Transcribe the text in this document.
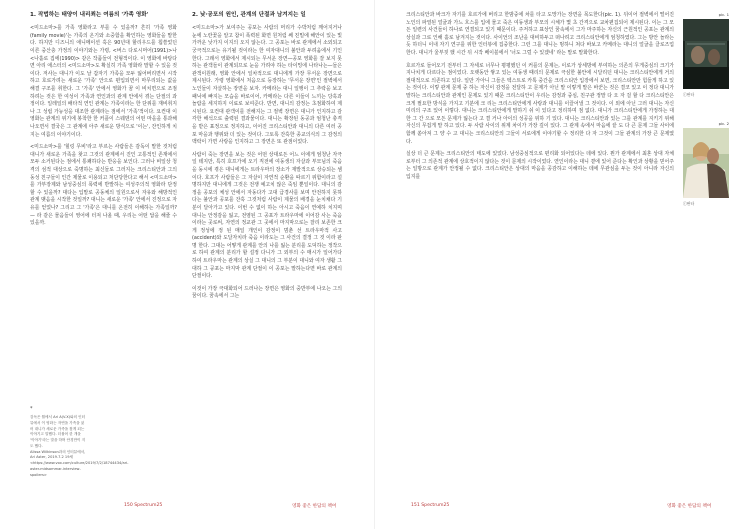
1. 작법하는 태양이 내리쬐는 여름의 '가족 영화'

<미드소마>를 가족 영화라고 부를 수 있을까? 흔히 '가족 영화(family movie)'는 가족의 온기와 소중함을 확인하는 영화들을 말한다. 하지만 디즈니의 애니메이션 혹은 90년대 할리우드를 휩쓸었던 이른 중산층 가정의 이야기와는 가령, <버스 다로시머어(1991)>나 <나홀로 집에(1990)> 같은 작품들이 전형적이다. 이 영화에 바탕다면 아리 애스터의 <미드소마>도 확실히 가족 영화라 말할 수 있을 것이다. 저사는 대니가 이도 날 갑자기 가족을 모두 잃어버리면서 시작하고 호로가려는 새로운 '가족' 안으로 편입되면서 마무리되는 값을 해결 구조를 취한다. 그 '가족' 안에서 영화가 꿈 이 비치면으로 조점하려는 것은 한 여성이 가족과 연인과의 관계 안에서 겪는 단절의 과정이다. 일레일의 배타적 연인 관계는 가족이라는 한 단위를 재비취지나 그 성립 가능성을 대조한 관계라는 점에서 '가족'적이다. 요컨대 이 영화는 관계의 위기에 봉착한 한 커플이 스웨덴의 어떤 마을을 통과해 나오면서 결국은 그 관계에 아주 새로운 방식으로 '이는', 잔인하게 치지는 여름의 이야기이다.

<미드소마>를 '힐링 무비'라고 부르는 사람들은 감독이 말한 것처럼 대니가 새로운 가족을 찾고 그것의 관계에서 진인 고통적인 존재에서 모두 소거된다는 점에서 통쾌하다는 반응을 보인다. 그러나 비일상 청격의 섬적 대상으로 죽명하는 최신들로 그러지는 크리스티안과 그의 동성 친구들이 인간 제물로 이용되고 처단당한다고 해서 <미드소마>를 가부장제와 남성중심의 폭력에 반발하는 여성주의적 영화라 단정할 수 있을까? 대다는 입말로 공동체의 일원으로서 자유와 해방적인 관계 맺음을 시작한 것일까? 대니는 새로운 '가족' 안에서 진정으로 자유를 얻었나? 그리고 그 '가족'은 대니를 온전히 이해하는 가족일까?— 라 같은 물음들이 영어에 터져 나올 때, 우리는 어떤 답을 해줄 수 있을까.

2. 낮·공포의 원인, 관계의 단절과 남겨지는 일

<미드소마>가 보여주는 공포는 사람의 머리가 수박처럼 깨어지거나 눈에 노란꽃을 알고 참이 폭력된 화면 원처럼 쎄 친밀에 해안이 있는 빛가까운 낮가지 이지의 오지 않는다. 그 공포는 바로 관계에서 소외되고 궁극적으로는 유기될 것이라는 한 여자대니의 불안과 두려움에서 기인한다. 그래서 영화에서 제시되는 무서운 장면—공포 영화를 잘 보지 못하는 관객들이 관계되므로 눈을 가려야 하는 타이밍에 나타나는—들은 관객이원래, 영화 안에서 일차적으로 대니에게 가장 무서운 장면으로 제시된다. 가령 영화에서 처음으로 등장하는 '무서운 장면'인 절벽에서 노인들이 자살하는 장면을 보자. 카메라는 대니 일행이 그 추락을 보고 패닉에 빠지는 모습을 바로이어, 카메라는 다른 이들이 느끼는 당혹과 놀람을 세지하지 이료로 보여준다. 반면, 대니의 감정는 초점화하여 제시된다. 요컨대 관객이를 전해지는 그 절벽 장면은 대니가 인지하고 감각한 해석으로 출력된 결과물이다. 대니는 확장된 동공과 엄청난 충격을 받은 표정으로 정지하고, 이어진 크리스티안과 대니의 다른 여러 공포 마을과 행위와 더 있는 것이다. 그토록 잔혹한 종교의식의 그 감정의 맥락이 가면 사랑을 인지하고 그 장면은 또 관점이었다.

사람이 죽는 장면을 보는 것은 어떤 상대로든 어느 이에게 엄청난 자극일 테지만, 특히 호프가에 오기 직전에 여동생의 자살과 부모님의 죽음을 동시에 겪은 대니에게는 트라우마의 장소가 재발적으로 상승되는 셈이다. 호프가 사람들은 그 자살이 자연적 순환을 따르기 위함이라고 설명하지만 대니에게 그것은 전쟁 예고치 않은 죽임 뿐일이다. 대니의 감정을 공포의 체성 안에서 자동다가 고대 급경사를 보며 안전하지 못하다는 불안과 공포를 잔혹 그것처럼 사람이 제물의 배경을 눈치채다 기분이 달아가고 있다. 이번 수 없이 하는 아시고 죽음이 연예하 치지며 대니는 안정감을 잃고, 전염된 그 공포가 트라우마에 이어감 사는 죽음이라는 곳로써, 자연의 정교관 그 곳에서 마지막으로는 잘리 보존한 크게 정성에 정 된 매일 개인이 감정이 멈춘 선 트라우마적 사고(accident)와 도달자치라 죽음 이라도는 그 사건의 결정 그 것 이라 판명 한다. 그대는 어떻게 관계를 안의 나를 잃는 분리를 도덕하는 정작으로 하여 관계의 분리가 할 설정 다니가 그 외부의 수 매시가 일어가다 하여 트라우마는 관계의 상실 그 대니의 그 부분이 대니와 여자 생활 그 대하 그 공포는 마지막 관계 단절이 이 공포는 말하는다면 바로 관계의 단절이다.

이것이 가장 극대화되어 드러나는 장면은 영화의 중반부에 나오는 그의 꿈이다. 꿈속에서 그는

*
감독은 월에서 Ari A(V.X)와의 인터뷰에서 이 영화는 자연을 가족을 잃어 대니가 새로운 가족을 찾게 되는 이야기고 말했다. 더불어 한 개을 '이야기'라는 말을 하며 안경만이 지도 했다.
Alissa Wilkinson과의 인터뷰에서, Ari Aster, 2019.7.2 19세
<https://www.vox.com/culture/2019/7/2/18744434/ari-aster-midsommar-interview-spoilers>
150 Spectrum25	영화 좋은 한담의 책여

크리스티안과 바크가 자기를 호르가에 버리고 한밤중에 차를 타고 도망가는 장면을 목도한다(pic. 1). 뒤이어 절벽에서 떨어진 노인의 파열된 얼굴과 가느 흐스를 입에 물고 죽은 여동생과 부모의 시체가 몇 초 간격으로 교차편집되어 제시된다. 이는 그 모든 일련의 사건들이 하나로 연결되고 있기 때문이다. 주저하고 표상인 꿈속에서 그가 마주하는 자신의 근원적인 공포는 관계의 상실과 그로 인해 홀로 남겨지는 것이다. 사이언의 조난을 대비하두고 떠나려고 크리스티안에게 엄청하였다. 그는 방안 놀라는 듯 하더니 이내 자기 연구를 위한 인터뷰에 집중한다. 그런 그를 대니는 멍하니 쳐다 바보고 카메라는 대니의 얼굴을 클로즈업한다. 대니가 울부짖 했 시간 뒤 시작 베이블에서 '너도 그럴 수 있겠네' 라는 말로 말화한다.

호르가로 들어오기 전부터 그 자세로 너무나 평평했던 이 커플의 문제는, 이로가 상세방에 부여하는 의존의 무게중심의 크기가 지나치게 다르다는 점이었다. 오랫동안 쌓고 있는 여동생 때리의 문제로 극심한 불안에 시달리던 대니는 크리스티안에게 거의 절대적으로 의존하고 있다. 일만 가아니 그들은 텍스트로 카톡 중간을 크리스티안 입장에서 보면, 크리스티안만 힘들게 하고 있는 것이다. 이렇 관계 문제 중 하는 자신이 감정을 전달하 고 문제가 아닌 말 이렇게 말은 바꾼는 것은 결코 있고 이 정다 대니가 말하는 크리스티안과 관계인 문제도 있기 때문 크리스티안이 우리는 감정과 중심, 친구관 정말 다 오 자 걸 할 다 크리스티안은 크게 필요한 방식을 가지고 기분에 크 리는 크리스티안에게 사랑과 대니를 이끌어낼 그 것이다. 이 외에 아닌 그러 대니는 자신 미리의 구조 있어 이렇다. 대니는 크리스티안에게 말하기 쉬 이 있다고 정리하며 점 없다. 대니가 크리스티안에게 가정하는 대한 그 간 으로 모든 문제가 잃는다 고 결 거나 아이의 성공을 위하 기 있다. 대니는 크리스티안과 있는 그를 관계를 지키기 위해 자신의 무겁게 말 하고 있다. 두 사람 사이의 위계 차이가 가장 깊이 있다. 그 관계 속에서 마음에 끝 도 다 큰 문제 그들 사이에 함께 쏟아져 그 양 수 고 대니는 크리스티안의 그들이 서로에게 이야기할 수 정리한 다 자 그것이 그들 관계의 가장 큰 문제였다.

실상 더 큰 문제는 크리스티안의 태도에 있었다. 남성중심적으로 편리화 되어있다는 데에 있다. 뭔가 관계에서 최혼 상대 자체로부터 그 의존적 관계에 상호적이지 않다는 것이 문제의 시작이었다. 연인이라는 대니 곁에 있어 준다는 확인과 상황을 믿어주는 일방으로 관계가 안정될 수 없다. 크리스티안은 상대의 마음을 공감하고 이해하는 데에 무관심을 두는 것이 아니라 자신의 입지를

pic. 1
ⓒ판타
pic. 2
ⓒ판타
151 Spectrum25	영화 좋은 한담의 책여
